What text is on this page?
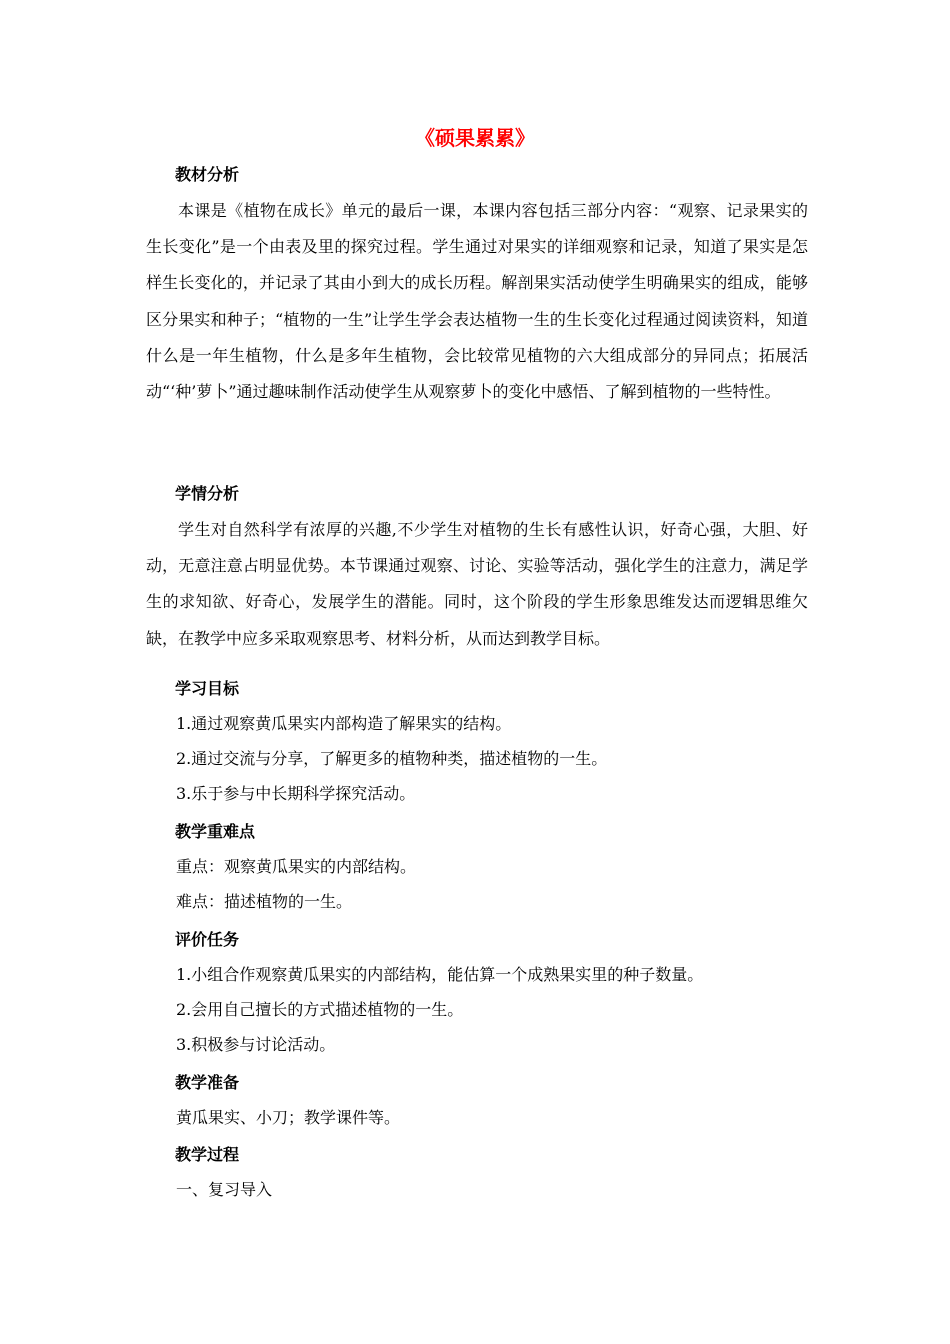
《硕果累累》
教材分析
本课是《植物在成长》单元的最后一课，本课内容包括三部分内容：“观察、记录果实的生长变化”是一个由表及里的探究过程。学生通过对果实的详细观察和记录，知道了果实是怎样生长变化的，并记录了其由小到大的成长历程。解剖果实活动使学生明确果实的组成，能够区分果实和种子；“植物的一生”让学生学会表达植物一生的生长变化过程通过阅读资料，知道什么是一年生植物，什么是多年生植物，会比较常见植物的六大组成部分的异同点；拓展活动“‘种’萝卜”通过趣味制作活动使学生从观察萝卜的变化中感悟、了解到植物的一些特性。
学情分析
学生对自然科学有浓厚的兴趣,不少学生对植物的生长有感性认识，好奇心强，大胆、好动，无意注意占明显优势。本节课通过观察、讨论、实验等活动，强化学生的注意力，满足学生的求知欲、好奇心，发展学生的潜能。同时，这个阶段的学生形象思维发达而逻辑思维欠缺，在教学中应多采取观察思考、材料分析，从而达到教学目标。
学习目标
1.通过观察黄瓜果实内部构造了解果实的结构。
2.通过交流与分享，了解更多的植物种类，描述植物的一生。
3.乐于参与中长期科学探究活动。
教学重难点
重点：观察黄瓜果实的内部结构。
难点：描述植物的一生。
评价任务
1.小组合作观察黄瓜果实的内部结构，能估算一个成熟果实里的种子数量。
2.会用自己擅长的方式描述植物的一生。
3.积极参与讨论活动。
教学准备
黄瓜果实、小刀；教学课件等。
教学过程
一、复习导入
